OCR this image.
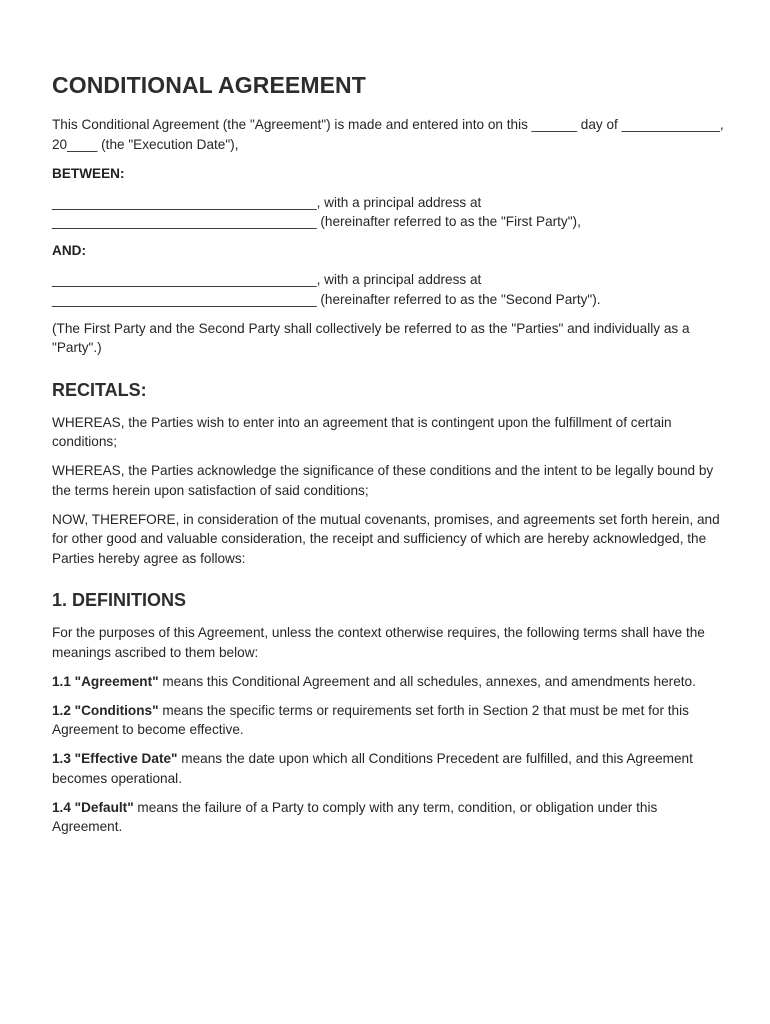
CONDITIONAL AGREEMENT

This Conditional Agreement (the "Agreement") is made and entered into on this ______ day of _____________, 20____ (the "Execution Date"),

BETWEEN:

___________________________________, with a principal address at
___________________________________ (hereinafter referred to as the "First Party"),

AND:

___________________________________, with a principal address at
___________________________________ (hereinafter referred to as the "Second Party").

(The First Party and the Second Party shall collectively be referred to as the "Parties" and individually as a "Party".)

RECITALS:

WHEREAS, the Parties wish to enter into an agreement that is contingent upon the fulfillment of certain conditions;

WHEREAS, the Parties acknowledge the significance of these conditions and the intent to be legally bound by the terms herein upon satisfaction of said conditions;

NOW, THEREFORE, in consideration of the mutual covenants, promises, and agreements set forth herein, and for other good and valuable consideration, the receipt and sufficiency of which are hereby acknowledged, the Parties hereby agree as follows:

1. DEFINITIONS

For the purposes of this Agreement, unless the context otherwise requires, the following terms shall have the meanings ascribed to them below:

1.1 "Agreement" means this Conditional Agreement and all schedules, annexes, and amendments hereto.

1.2 "Conditions" means the specific terms or requirements set forth in Section 2 that must be met for this Agreement to become effective.

1.3 "Effective Date" means the date upon which all Conditions Precedent are fulfilled, and this Agreement becomes operational.

1.4 "Default" means the failure of a Party to comply with any term, condition, or obligation under this Agreement.
